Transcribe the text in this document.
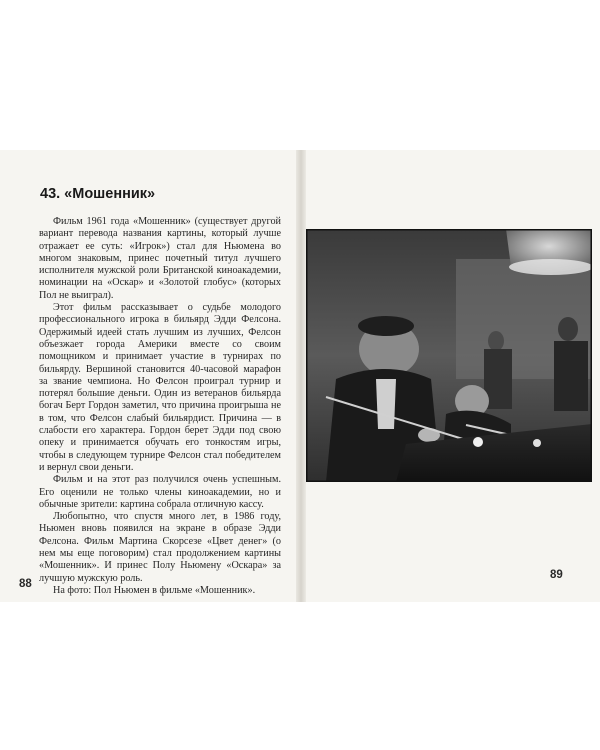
43. «Мошенник»

Фильм 1961 года «Мошенник» (существует другой вариант перевода названия картины, который лучше отражает ее суть: «Игрок») стал для Ньюмена во многом знаковым, принес почетный титул лучшего исполнителя мужской роли Британской киноакадемии, номинации на «Оскар» и «Золотой глобус» (которых Пол не выиграл).

Этот фильм рассказывает о судьбе молодого профессионального игрока в бильярд Эдди Фелсона. Одержимый идеей стать лучшим из лучших, Фелсон объезжает города Америки вместе со своим помощником и принимает участие в турнирах по бильярду. Вершиной становится 40-часовой марафон за звание чемпиона. Но Фелсон проиграл турнир и потерял большие деньги. Один из ветеранов бильярда богач Берт Гордон заметил, что причина проигрыша не в том, что Фелсон слабый бильярдист. Причина — в слабости его характера. Гордон берет Эдди под свою опеку и принимается обучать его тонкостям игры, чтобы в следующем турнире Фелсон стал победителем и вернул свои деньги.

Фильм и на этот раз получился очень успешным. Его оценили не только члены киноакадемии, но и обычные зрители: картина собрала отличную кассу.

Любопытно, что спустя много лет, в 1986 году, Ньюмен вновь появился на экране в образе Эдди Фелсона. Фильм Мартина Скорсезе «Цвет денег» (о нем мы еще поговорим) стал продолжением картины «Мошенник». И принес Полу Ньюмену «Оскара» за лучшую мужскую роль.

На фото: Пол Ньюмен в фильме «Мошенник».

88
89
